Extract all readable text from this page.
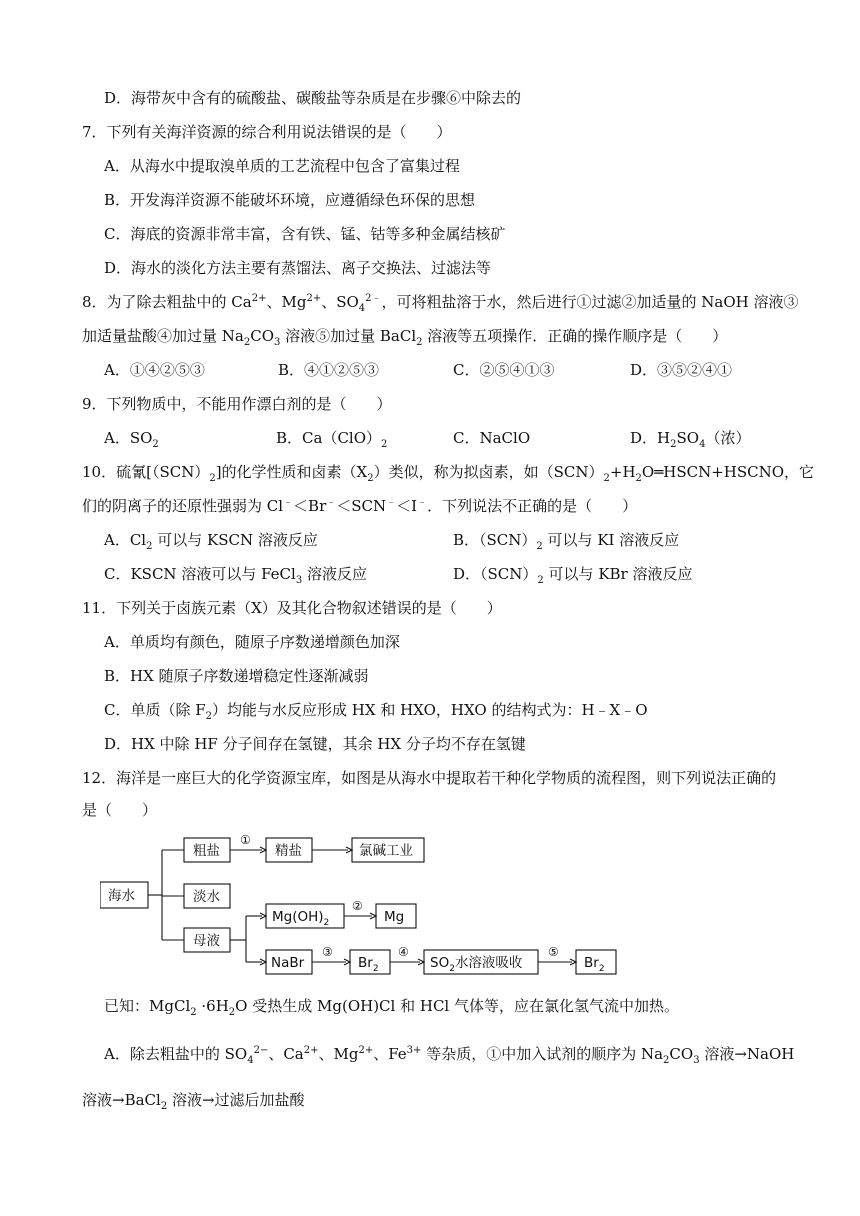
D．海带灰中含有的硫酸盐、碳酸盐等杂质是在步骤⑥中除去的
7．下列有关海洋资源的综合利用说法错误的是（　　）
A．从海水中提取溴单质的工艺流程中包含了富集过程
B．开发海洋资源不能破坏环境，应遵循绿色环保的思想
C．海底的资源非常丰富，含有铁、锰、钴等多种金属结核矿
D．海水的淡化方法主要有蒸馏法、离子交换法、过滤法等
8．为了除去粗盐中的 $Ca^{2+}$、$Mg^{2+}$、$SO_4^{2﹣}$，可将粗盐溶于水，然后进行①过滤②加适量的 NaOH 溶液③
加适量盐酸④加过量 $Na_2CO_3$ 溶液⑤加过量 BaCl$_2$ 溶液等五项操作．正确的操作顺序是（　　）
A．①④②⑤③	B．④①②⑤③	C．②⑤④①③	D．③⑤②④①
9．下列物质中，不能用作漂白剂的是（　　）
A．$SO_2$	B．$Ca(ClO)_2$	C．NaClO	D．$H_2SO_4$（浓）
10．硫氰$[(SCN)_2]$的化学性质和卤素$(X_2)$类似，称为拟卤素，如$(SCN)_2+H_2O═HSCN+HSCNO$，它
们的阴离子的还原性强弱为 Cl﹣＜Br﹣＜SCN﹣＜I﹣．下列说法不正确的是（　　）
A．$Cl_2$ 可以与 KSCN 溶液反应	B．$(SCN)_2$ 可以与 KI 溶液反应
C．KSCN 溶液可以与 FeCl$_3$ 溶液反应	D．$(SCN)_2$ 可以与 KBr 溶液反应
11．下列关于卤族元素（X）及其化合物叙述错误的是（　　）
A．单质均有颜色，随原子序数递增颜色加深
B．HX 随原子序数递增稳定性逐渐减弱
C．单质（除 $F_2$）均能与水反应形成 HX 和 HXO，HXO 的结构式为：H﹣X﹣O
D．HX 中除 HF 分子间存在氢键，其余 HX 分子均不存在氢键
12．海洋是一座巨大的化学资源宝库，如图是从海水中提取若干种化学物质的流程图，则下列说法正确的
是（　　）
海水
粗盐	精盐	氯碱工业
淡水
母液
$Mg(OH)_2$	Mg
NaBr	$Br_2$	$SO_2$水溶液吸收	$Br_2$
①
②
③	④	⑤
已知：MgCl$_2$ $\cdot 6H_2O$ 受热生成 Mg(OH)Cl 和 HCl 气体等，应在氯化氢气流中加热。
A．除去粗盐中的 $SO_4^{2-}$、$Ca^{2+}$、$Mg^{2+}$、$Fe^{3+}$ 等杂质，①中加入试剂的顺序为 $Na_2CO_3$ 溶液→NaOH
溶液→BaCl$_2$ 溶液→过滤后加盐酸
